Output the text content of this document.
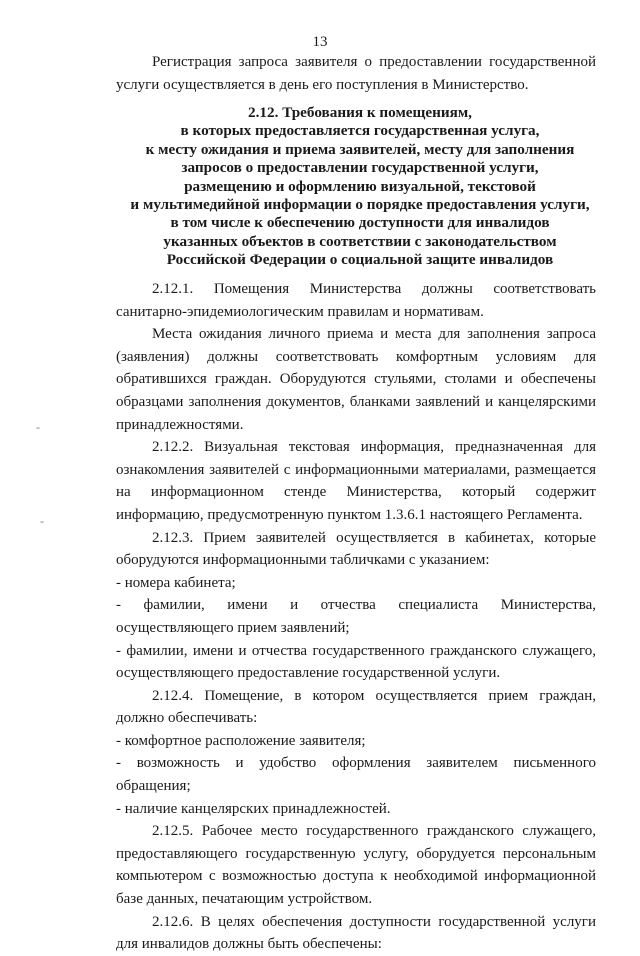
13

Регистрация запроса заявителя о предоставлении государственной услуги осуществляется в день его поступления в Министерство.

2.12. Требования к помещениям,
в которых предоставляется государственная услуга,
к месту ожидания и приема заявителей, месту для заполнения
запросов о предоставлении государственной услуги,
размещению и оформлению визуальной, текстовой
и мультимедийной информации о порядке предоставления услуги,
в том числе к обеспечению доступности для инвалидов
указанных объектов в соответствии с законодательством
Российской Федерации о социальной защите инвалидов

2.12.1. Помещения Министерства должны соответствовать санитарно-эпидемиологическим правилам и нормативам.

Места ожидания личного приема и места для заполнения запроса (заявления) должны соответствовать комфортным условиям для обратившихся граждан. Оборудуются стульями, столами и обеспечены образцами заполнения документов, бланками заявлений и канцелярскими принадлежностями.

2.12.2. Визуальная текстовая информация, предназначенная для ознакомления заявителей с информационными материалами, размещается на информационном стенде Министерства, который содержит информацию, предусмотренную пунктом 1.3.6.1 настоящего Регламента.

2.12.3. Прием заявителей осуществляется в кабинетах, которые оборудуются информационными табличками с указанием:

- номера кабинета;

- фамилии, имени и отчества специалиста Министерства, осуществляющего прием заявлений;

- фамилии, имени и отчества государственного гражданского служащего, осуществляющего предоставление государственной услуги.

2.12.4. Помещение, в котором осуществляется прием граждан, должно обеспечивать:

- комфортное расположение заявителя;

- возможность и удобство оформления заявителем письменного обращения;

- наличие канцелярских принадлежностей.

2.12.5. Рабочее место государственного гражданского служащего, предоставляющего государственную услугу, оборудуется персональным компьютером с возможностью доступа к необходимой информационной базе данных, печатающим устройством.

2.12.6. В целях обеспечения доступности государственной услуги для инвалидов должны быть обеспечены:

-
‑
